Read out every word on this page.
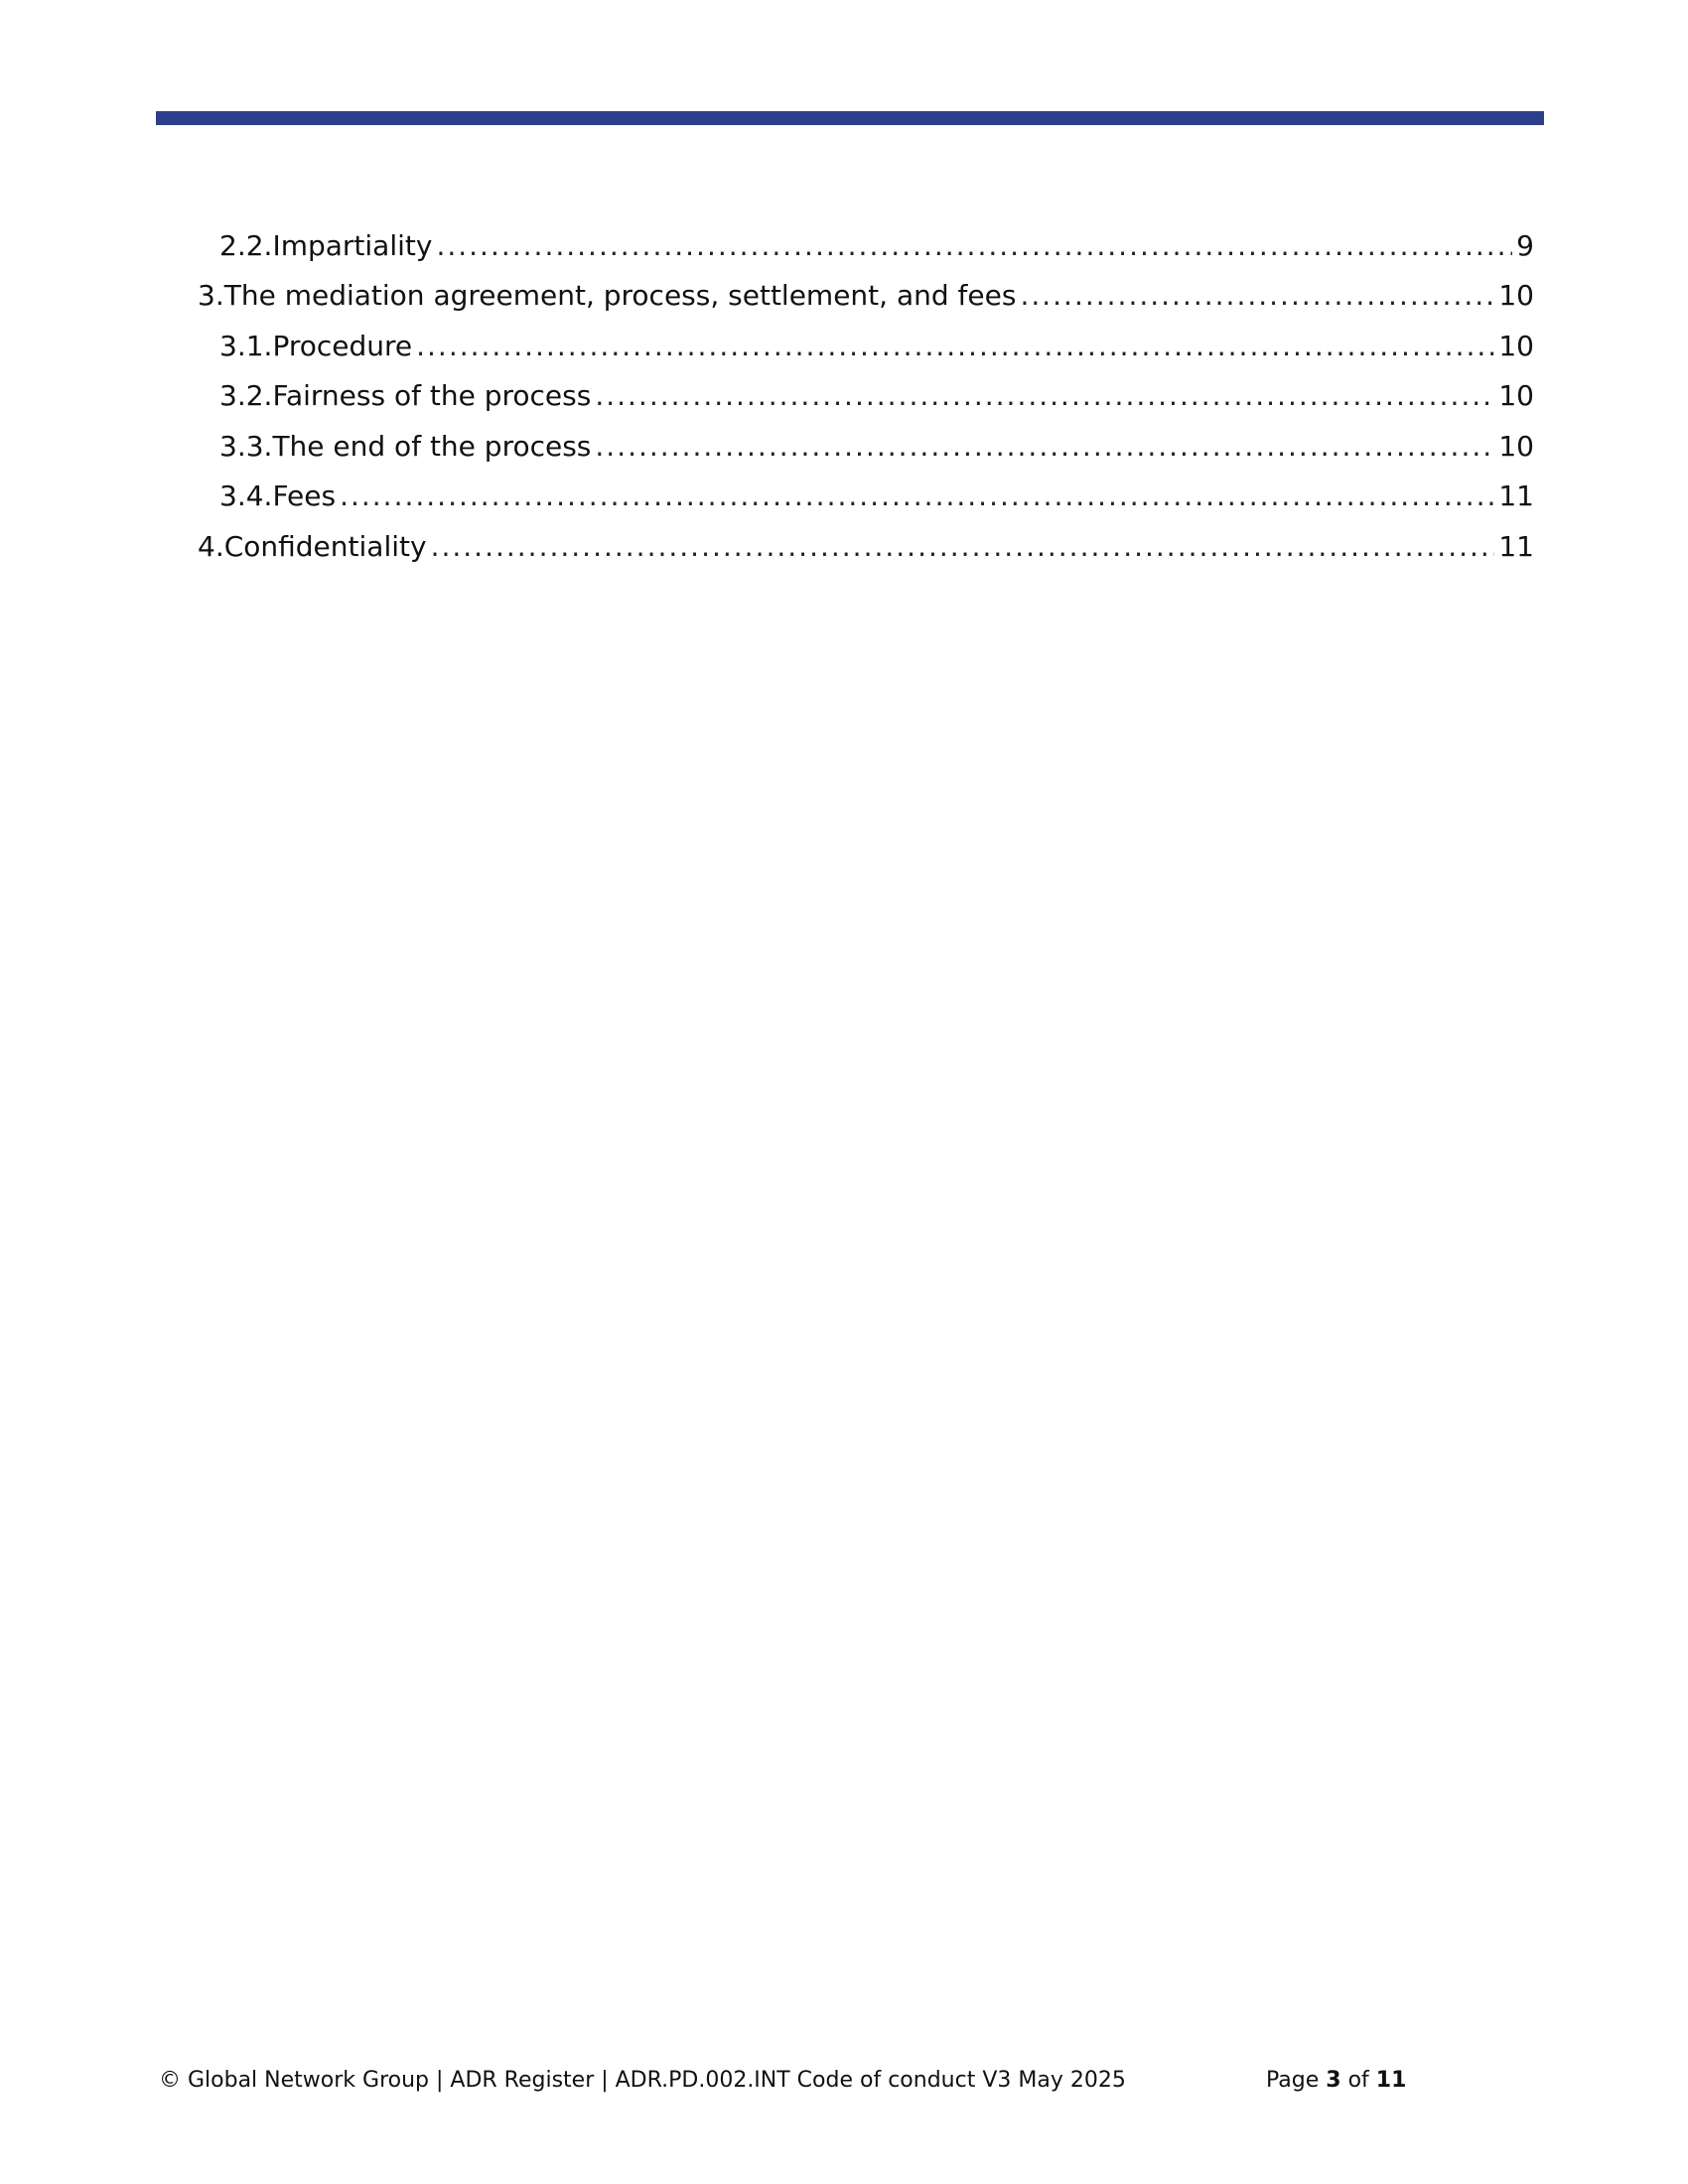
2.2. Impartiality .....	9
3. The mediation agreement, process, settlement, and fees .....	10
3.1. Procedure .....	10
3.2. Fairness of the process .....	10
3.3. The end of the process .....	10
3.4. Fees .....	11
4. Confidentiality .....	11
© Global Network Group | ADR Register | ADR.PD.002.INT Code of conduct V3 May 2025	Page 3 of 11
